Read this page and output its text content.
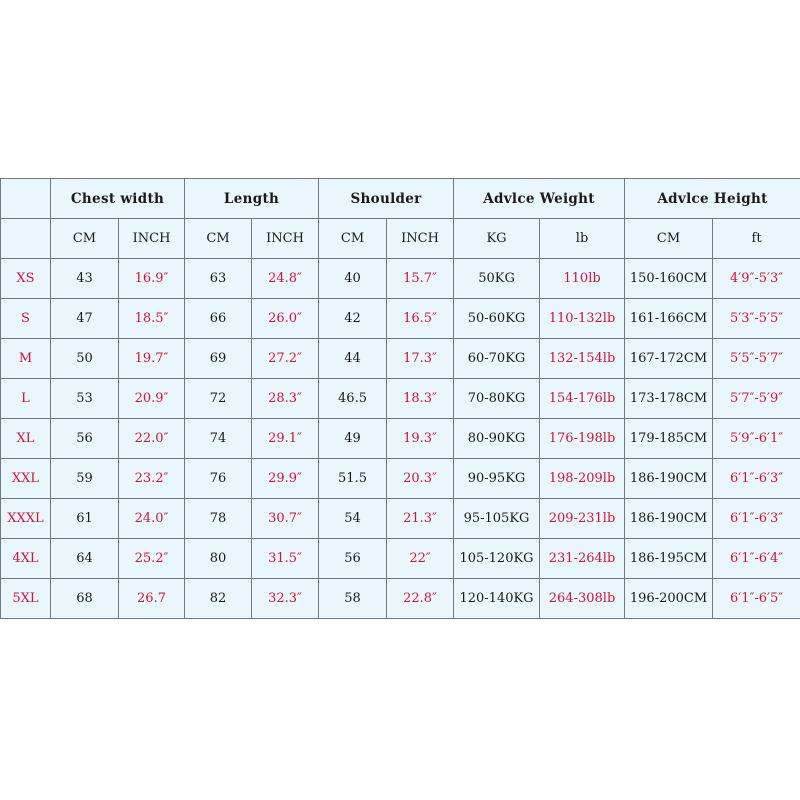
	Chest width		Length		Shoulder		Advlce Weight		Advlce Height	
	CM	INCH	CM	INCH	CM	INCH	KG	lb	CM	ft
XS	43	16.9″	63	24.8″	40	15.7″	50KG	110lb	150-160CM	4′9″-5′3″
S	47	18.5″	66	26.0″	42	16.5″	50-60KG	110-132lb	161-166CM	5′3″-5′5″
M	50	19.7″	69	27.2″	44	17.3″	60-70KG	132-154lb	167-172CM	5′5″-5′7″
L	53	20.9″	72	28.3″	46.5	18.3″	70-80KG	154-176lb	173-178CM	5′7″-5′9″
XL	56	22.0″	74	29.1″	49	19.3″	80-90KG	176-198lb	179-185CM	5′9″-6′1″
XXL	59	23.2″	76	29.9″	51.5	20.3″	90-95KG	198-209lb	186-190CM	6′1″-6′3″
XXXL	61	24.0″	78	30.7″	54	21.3″	95-105KG	209-231lb	186-190CM	6′1″-6′3″
4XL	64	25.2″	80	31.5″	56	22″	105-120KG	231-264lb	186-195CM	6′1″-6′4″
5XL	68	26.7	82	32.3″	58	22.8″	120-140KG	264-308lb	196-200CM	6′1″-6′5″
